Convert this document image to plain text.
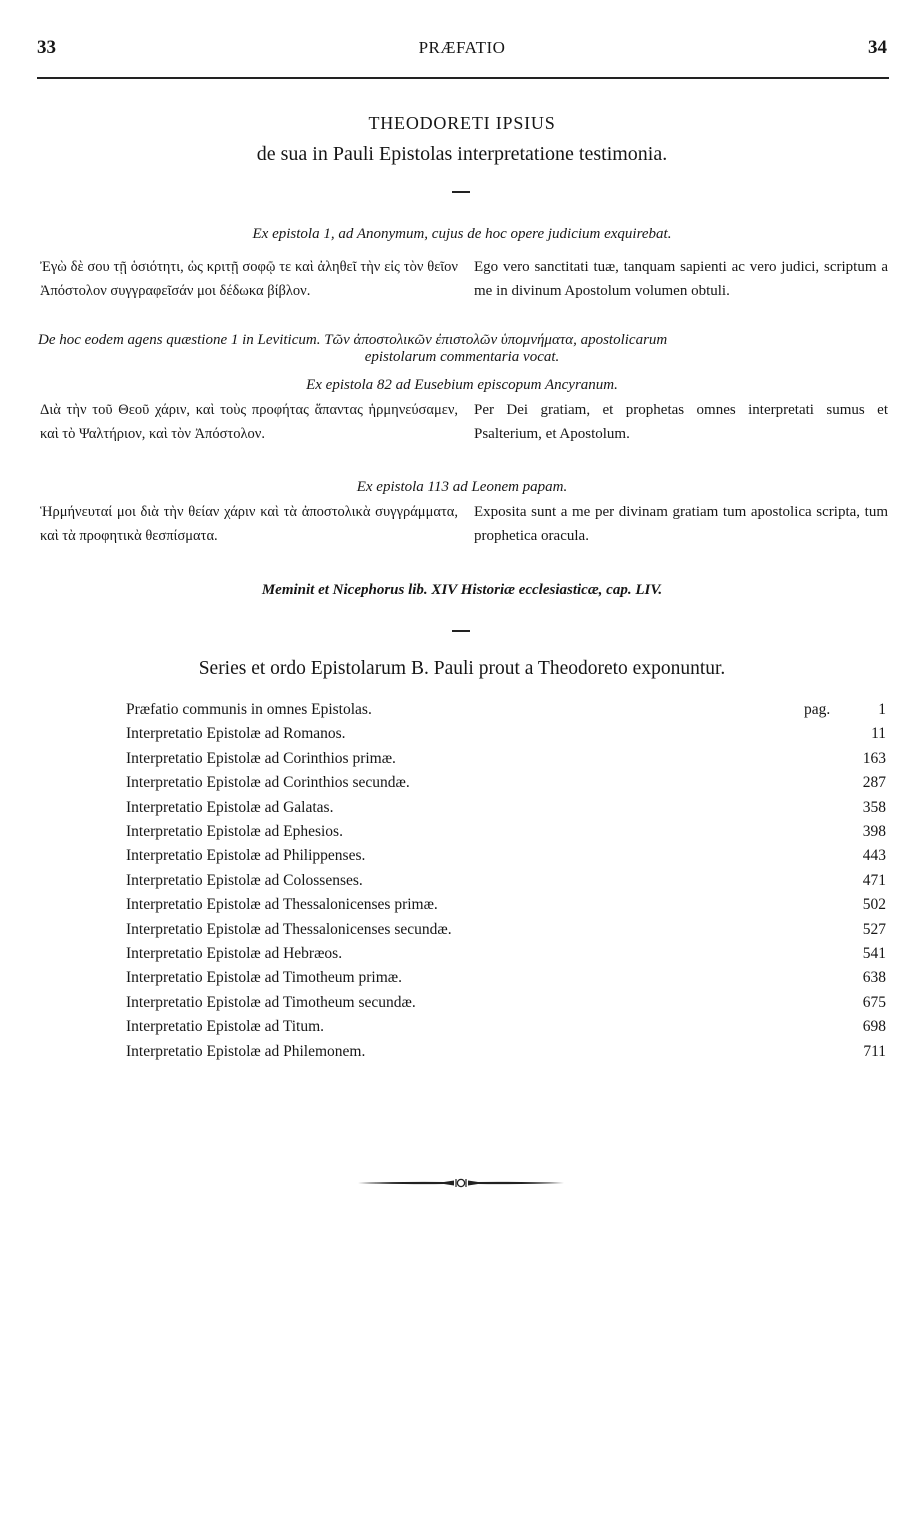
33	PRÆFATIO	34
THEODORETI IPSIUS
de sua in Pauli Epistolas interpretatione testimonia.
Ex epistola 1, ad Anonymum, cujus de hoc opere judicium exquirebat.
Ἐγὼ δὲ σου τῇ ὁσιότητι, ὡς κριτῇ σοφῷ τε καὶ ἀληθεῖ τὴν εἰς τὸν θεῖον Ἀπόστολον συγγραφεῖσάν μοι δέδωκα βίβλον.
Ego vero sanctitati tuæ, tanquam sapienti ac vero judici, scriptum a me in divinum Apostolum volumen obtuli.
De hoc eodem agens quæstione 1 in Leviticum. Τῶν ἀποστολικῶν ἐπιστολῶν ὑπομνήματα, apostolicarum
epistolarum commentaria vocat.
Ex epistola 82 ad Eusebium episcopum Ancyranum.
Διὰ τὴν τοῦ Θεοῦ χάριν, καὶ τοὺς προφήτας ἅπαντας ἡρμηνεύσαμεν, καὶ τὸ Ψαλτήριον, καὶ τὸν Ἀπόστολον.
Per Dei gratiam, et prophetas omnes interpretati sumus et Psalterium, et Apostolum.
Ex epistola 113 ad Leonem papam.
Ἡρμήνευταί μοι διὰ τὴν θείαν χάριν καὶ τὰ ἀποστολικὰ συγγράμματα, καὶ τὰ προφητικὰ θεσπίσματα.
Exposita sunt a me per divinam gratiam tum apostolica scripta, tum prophetica oracula.
Meminit et Nicephorus lib. XIV Historiæ ecclesiasticæ, cap. LIV.
Series et ordo Epistolarum B. Pauli prout a Theodoreto exponuntur.
Præfatio communis in omnes Epistolas.	pag.	1
Interpretatio Epistolæ ad Romanos.	11
Interpretatio Epistolæ ad Corinthios primæ.	163
Interpretatio Epistolæ ad Corinthios secundæ.	287
Interpretatio Epistolæ ad Galatas.	358
Interpretatio Epistolæ ad Ephesios.	398
Interpretatio Epistolæ ad Philippenses.	443
Interpretatio Epistolæ ad Colossenses.	471
Interpretatio Epistolæ ad Thessalonicenses primæ.	502
Interpretatio Epistolæ ad Thessalonicenses secundæ.	527
Interpretatio Epistolæ ad Hebræos.	541
Interpretatio Epistolæ ad Timotheum primæ.	638
Interpretatio Epistolæ ad Timotheum secundæ.	675
Interpretatio Epistolæ ad Titum.	698
Interpretatio Epistolæ ad Philemonem.	711
